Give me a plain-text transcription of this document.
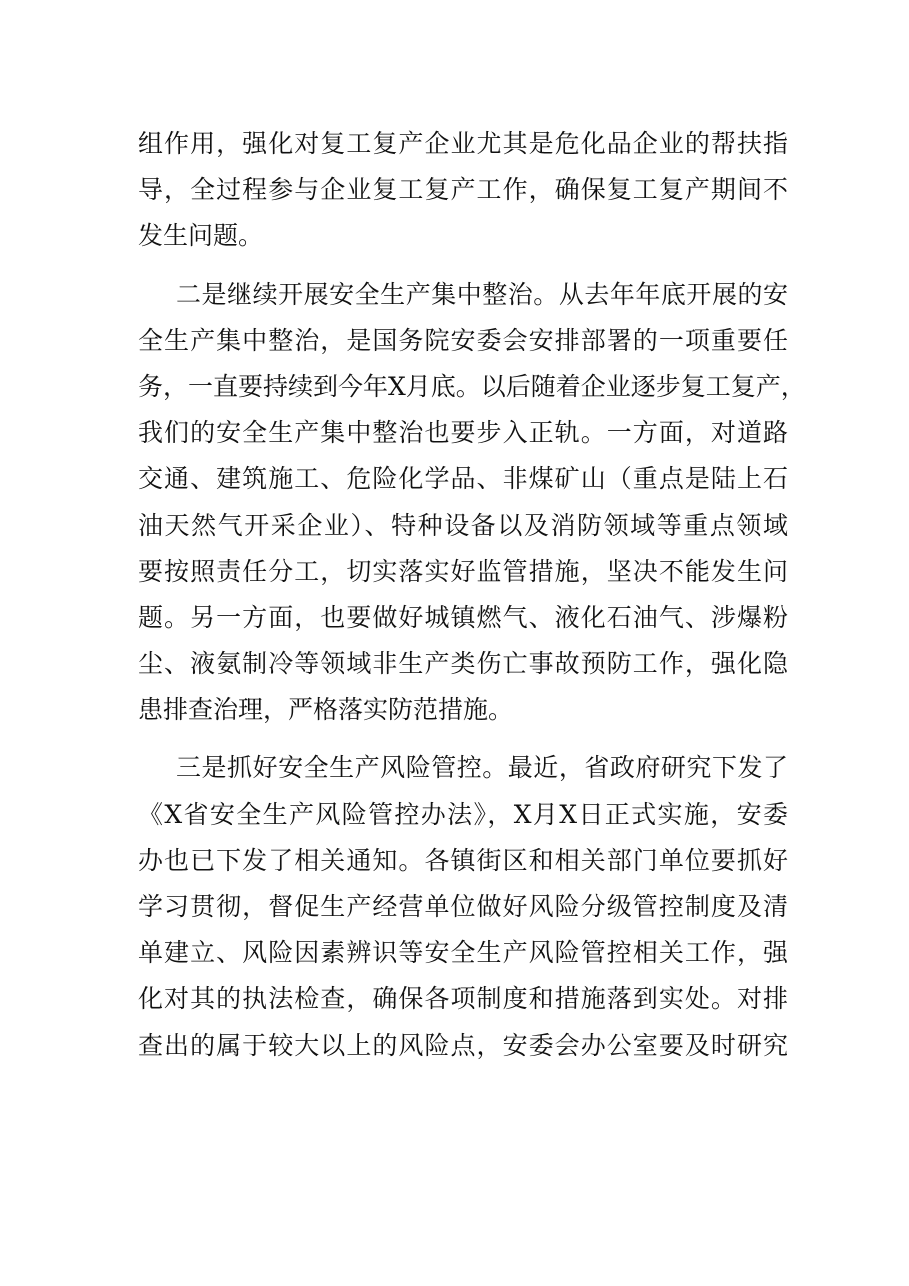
组作用，强化对复工复产企业尤其是危化品企业的帮扶指
导，全过程参与企业复工复产工作，确保复工复产期间不
发生问题。
二是继续开展安全生产集中整治。从去年年底开展的安
全生产集中整治，是国务院安委会安排部署的一项重要任
务，一直要持续到今年X月底。以后随着企业逐步复工复产，
我们的安全生产集中整治也要步入正轨。一方面，对道路
交通、建筑施工、危险化学品、非煤矿山（重点是陆上石
油天然气开采企业）、特种设备以及消防领域等重点领域
要按照责任分工，切实落实好监管措施，坚决不能发生问
题。另一方面，也要做好城镇燃气、液化石油气、涉爆粉
尘、液氨制冷等领域非生产类伤亡事故预防工作，强化隐
患排查治理，严格落实防范措施。
三是抓好安全生产风险管控。最近，省政府研究下发了
《X省安全生产风险管控办法》，X月X日正式实施，安委
办也已下发了相关通知。各镇街区和相关部门单位要抓好
学习贯彻，督促生产经营单位做好风险分级管控制度及清
单建立、风险因素辨识等安全生产风险管控相关工作，强
化对其的执法检查，确保各项制度和措施落到实处。对排
查出的属于较大以上的风险点，安委会办公室要及时研究
